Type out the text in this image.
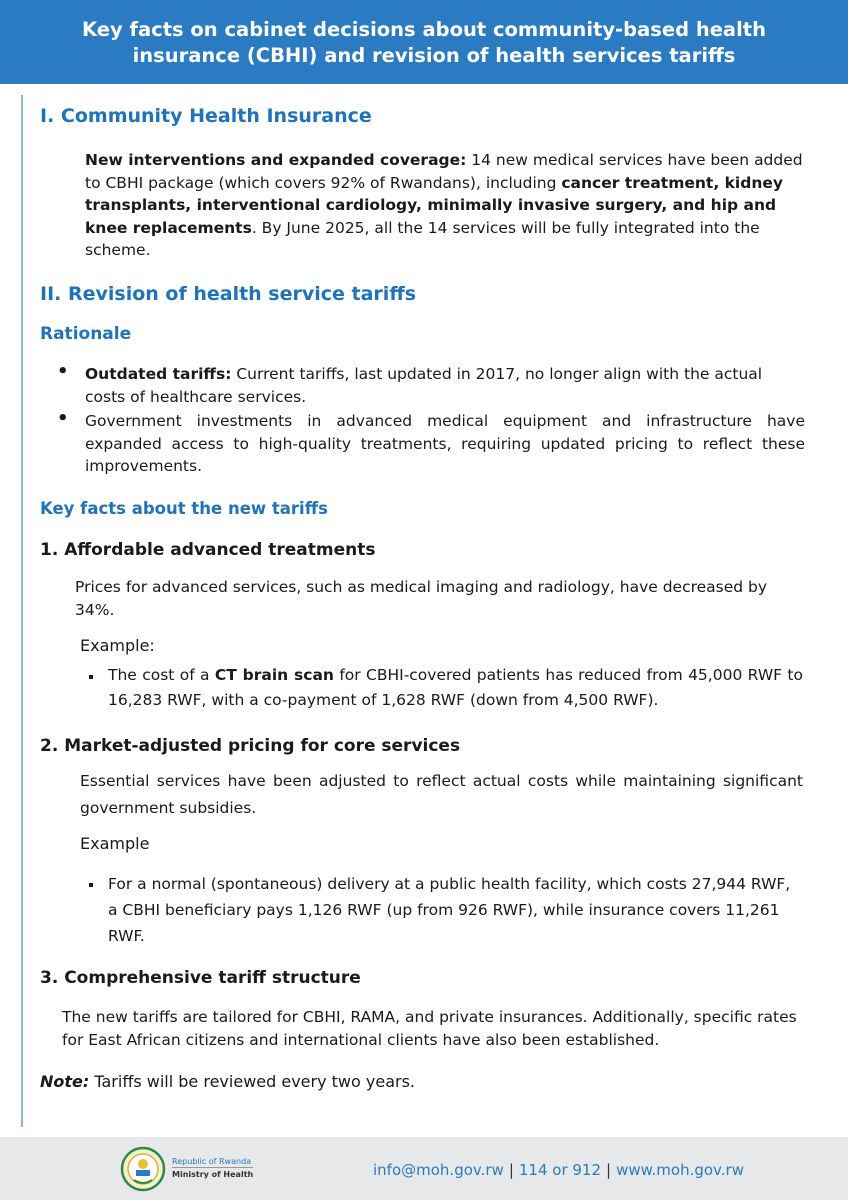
Key facts on cabinet decisions about community-based health

insurance (CBHI) and revision of health services tariffs
I. Community Health Insurance
New interventions and expanded coverage: 14 new medical services have been added to CBHI package (which covers 92% of Rwandans), including cancer treatment, kidney transplants, interventional cardiology, minimally invasive surgery, and hip and knee replacements. By June 2025, all the 14 services will be fully integrated into the scheme.
II. Revision of health service tariffs
Rationale
• Outdated tariffs: Current tariffs, last updated in 2017, no longer align with the actual costs of healthcare services.
• Government investments in advanced medical equipment and infrastructure have expanded access to high-quality treatments, requiring updated pricing to reflect these improvements.
Key facts about the new tariffs
1. Affordable advanced treatments
Prices for advanced services, such as medical imaging and radiology, have decreased by 34%.
Example:
The cost of a CT brain scan for CBHI-covered patients has reduced from 45,000 RWF to 16,283 RWF, with a co-payment of 1,628 RWF (down from 4,500 RWF).
2. Market-adjusted pricing for core services
Essential services have been adjusted to reflect actual costs while maintaining significant government subsidies.
Example
For a normal (spontaneous) delivery at a public health facility, which costs 27,944 RWF, a CBHI beneficiary pays 1,126 RWF (up from 926 RWF), while insurance covers 11,261 RWF.
3. Comprehensive tariff structure
The new tariffs are tailored for CBHI, RAMA, and private insurances. Additionally, specific rates for East African citizens and international clients have also been established.
Note: Tariffs will be reviewed every two years.
Republic of Rwanda
Ministry of Health	info@moh.gov.rw | 114 or 912 | www.moh.gov.rw
